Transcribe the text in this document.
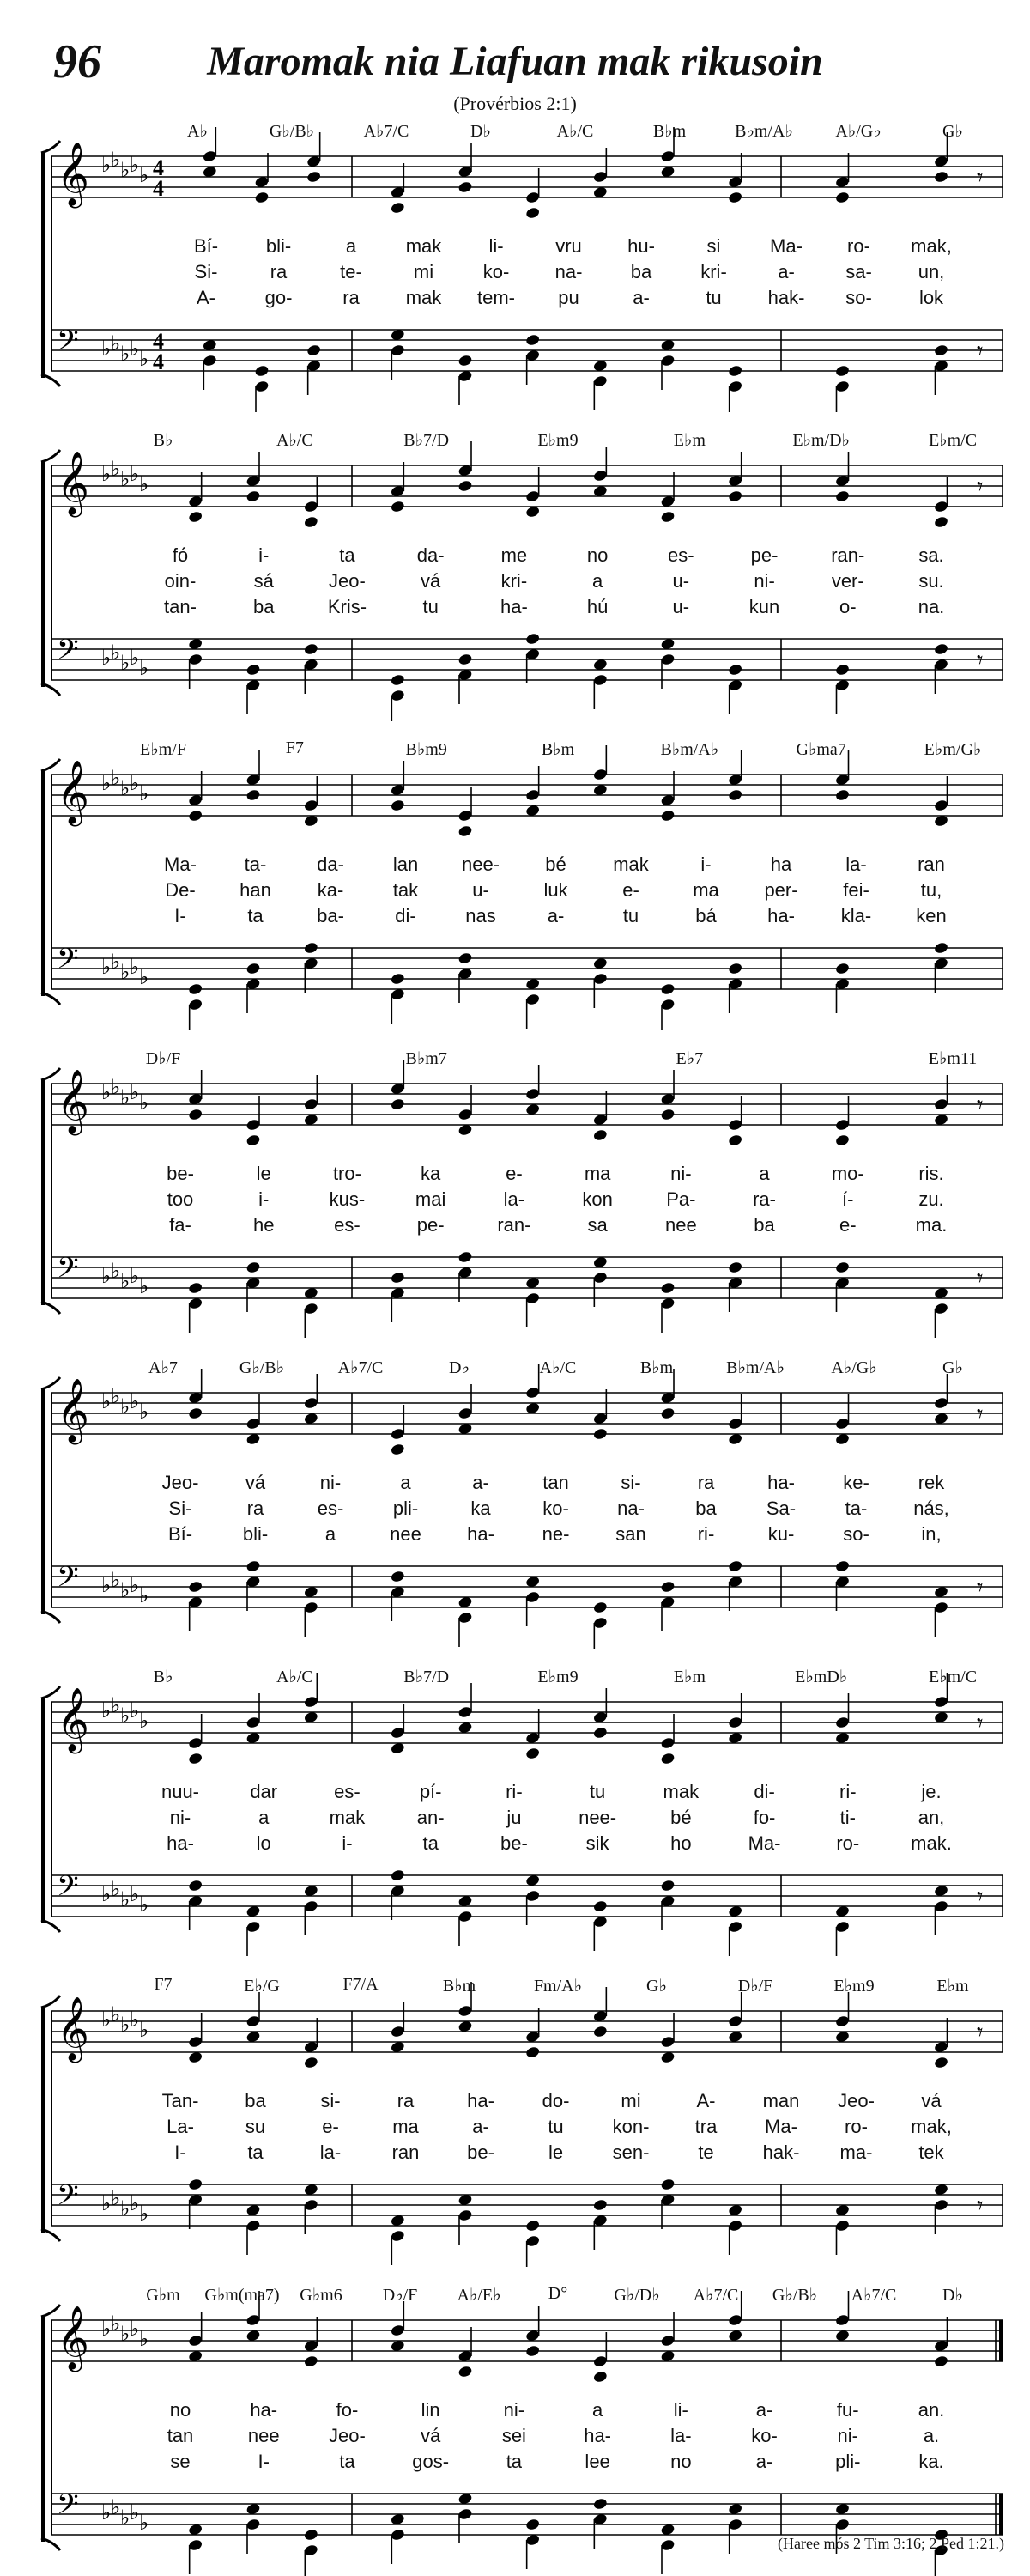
96	Maromak nia Liafuan mak rikusoin
(Provérbios 2:1)
A♭	G♭/B♭	A♭7/C	D♭	A♭/C	B♭m	B♭m/A♭ A♭/G♭	G♭
𝄞 ♭ ♭ ♭ ♭ ♭ 4
4
𝄢 ♭ ♭ ♭ ♭ ♭
4
4
𝄾
𝄾
Bí-	bli-	a	mak	li-	vru hu-	si	Ma- ro- mak,
Si-	ra	te-	mi	ko- na-	ba	kri-	a-	sa- un,
A-	go-	ra mak tem- pu	a-	tu hak- so-	lok
B♭	A♭/C	B♭7/D	E♭m9	E♭m	E♭m/D♭	E♭m/C
𝄞 ♭ ♭ ♭ ♭ ♭
𝄢 ♭ ♭ ♭ ♭ ♭
𝄾
𝄾
fó	i-	ta	da-	me	no	es-	pe-	ran-	sa.
oin-	sá	Jeo-	vá	kri-	a	u-	ni-	ver-	su.
tan-	ba	Kris-	tu	ha-	hú	u-	kun	o-	na.
E♭m/F	F7	B♭m9	B♭m	B♭m/A♭	G♭ma7	E♭m/G♭
𝄞 ♭ ♭ ♭ ♭ ♭
𝄢 ♭ ♭ ♭ ♭ ♭
Ma-	ta-	da-	lan nee- bé mak	i-	ha	la-	ran
De- han ka-	tak	u-	luk	e-	ma per- fei-	tu,
I-	ta	ba-	di-	nas	a-	tu	bá	ha- kla- ken
D♭/F	B♭m7	E♭7	E♭m11
𝄞 ♭ ♭ ♭ ♭ ♭
𝄢 ♭ ♭ ♭ ♭ ♭
𝄾
𝄾
be-	le	tro-	ka	e-	ma	ni-	a	mo-	ris.
too	i-	kus-	mai	la-	kon	Pa-	ra-	í-	zu.
fa-	he	es-	pe-	ran-	sa	nee	ba	e-	ma.
A♭7	G♭/B♭	A♭7/C	D♭	A♭/C	B♭m	B♭m/A♭	A♭/G♭	G♭
𝄞 ♭ ♭ ♭ ♭ ♭
𝄢 ♭ ♭ ♭ ♭ ♭
𝄾
𝄾
Jeo- vá	ni-	a	a-	tan	si-	ra	ha-	ke-	rek
Si-	ra	es-	pli-	ka	ko-	na-	ba	Sa-	ta- nás,
Bí-	bli-	a	nee ha-	ne- san	ri-	ku-	so-	in,
B♭	A♭/C	B♭7/D	E♭m9	E♭m	E♭mD♭	E♭m/C
𝄞 ♭ ♭ ♭ ♭ ♭
𝄢 ♭ ♭ ♭ ♭ ♭
𝄾
𝄾
nuu-	dar	es-	pí-	ri-	tu	mak	di-	ri-	je.
ni-	a	mak	an-	ju	nee-	bé	fo-	ti-	an,
ha-	lo	i-	ta	be-	sik	ho	Ma-	ro-	mak.
F7	E♭/G	F7/A	B♭m	Fm/A♭	G♭	D♭/F	E♭m9	E♭m
𝄞 ♭ ♭ ♭ ♭ ♭
𝄢 ♭ ♭ ♭ ♭ ♭
𝄾
𝄾
Tan- ba	si-	ra	ha-	do-	mi	A-	man Jeo- vá
La-	su	e-	ma	a-	tu	kon- tra	Ma-	ro- mak,
I-	ta	la-	ran	be-	le	sen-	te	hak- ma- tek
G♭m G♭m(ma7) G♭m6 D♭/F A♭/E♭	D°	G♭/D♭ A♭7/C G♭/B♭ A♭7/C	D♭
𝄞 ♭ ♭ ♭ ♭ ♭
𝄢 ♭ ♭ ♭ ♭ ♭
no	ha-	fo-	lin	ni-	a	li-	a-	fu-	an.
tan	nee	Jeo-	vá	sei	ha-	la-	ko-	ni-	a.
se	I-	ta	gos-	ta	lee	no	a-	pli-	ka.
(Haree mós 2 Tim 3:16; 2 Ped 1:21.)
